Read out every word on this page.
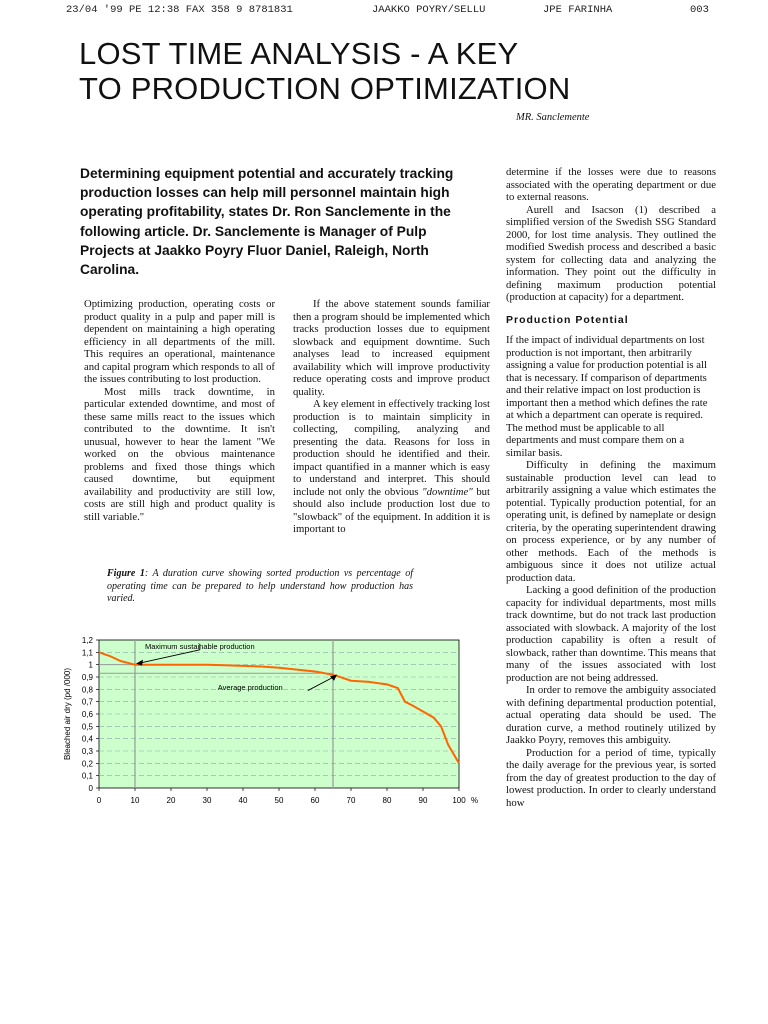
23/04 '99 PE 12:38 FAX 358 9 8781831	JAAKKO POYRY/SELLU	JPE FARINHA	003
LOST TIME ANALYSIS - A KEY
TO PRODUCTION OPTIMIZATION
MR. Sanclemente

Determining equipment potential and accurately tracking production losses can help mill personnel maintain high operating profitability, states Dr. Ron Sanclemente in the following article. Dr. Sanclemente is Manager of Pulp Projects at Jaakko Poyry Fluor Daniel, Raleigh, North Carolina.

Optimizing production, operating costs or product quality in a pulp and paper mill is dependent on maintaining a high operating efficiency in all departments of the mill. This requires an operational, maintenance and capital program which responds to all of the issues contributing to lost production.

Most mills track downtime, in particular extended downtime, and most of these same mills react to the issues which contributed to the downtime. It isn't unusual, however to hear the lament "We worked on the obvious maintenance problems and fixed those things which caused downtime, but equipment availability and productivity are still low, costs are still high and product quality is still variable."

If the above statement sounds familiar then a program should be implemented which tracks production losses due to equipment slowback and equipment downtime. Such analyses lead to increased equipment availability which will improve productivity reduce operating costs and improve product quality.

A key element in effectively tracking lost production is to maintain simplicity in collecting, compiling, analyzing and presenting the data. Reasons for loss in production should he identified and their. impact quantified in a manner which is easy to understand and interpret. This should include not only the obvious "downtime" but should also include production lost due to "slowback" of the equipment. In addition it is important to

determine if the losses were due to reasons associated with the operating department or due to external reasons.

Aurell and Isacson (1) described a simplified version of the Swedish SSG Standard 2000, for lost time analysis. They outlined the modified Swedish process and described a basic system for collecting data and analyzing the information. They point out the difficulty in defining maximum production potential (production at capacity) for a department.

Production Potential

If the impact of individual departments on lost production is not important, then arbitrarily assigning a value for production potential is all that is necessary. If comparison of departments and their relative impact on lost production is important then a method which defines the rate at which a department can operate is required. The method must be applicable to all departments and must compare them on a similar basis.

Difficulty in defining the maximum sustainable production level can lead to arbitrarily assigning a value which estimates the potential. Typically production potential, for an operating unit, is defined by nameplate or design criteria, by the operating superintendent drawing on process experience, or by any number of other methods. Each of the methods is ambiguous since it does not utilize actual production data.

Lacking a good definition of the production capacity for individual departments, most mills track downtime, but do not track last production associated with slowback. A majority of the lost production capability is often a result of slowback, rather than downtime. This means that many of the issues associated with lost production are not being addressed.

In order to remove the ambiguity associated with defining departmental production potential, actual operating data should be used. The duration curve, a method routinely utilized by Jaakko Poyry, removes this ambiguity.

Production for a period of time, typically the daily average for the previous year, is sorted from the day of greatest production to the day of lowest production. In order to clearly understand how

Figure 1: A duration curve showing sorted production vs percentage of operating time can be prepared to help understand how production has varied.

0
0,1
0,2
0,3
0,4
0,5
0,6
0,7
0,8
0,9
1
1,1
1,2
0	10	20	30	40	50	60	70	80	90	100 %
Bleached air dry (pd /000)
Maximum sustainable production
Average production
